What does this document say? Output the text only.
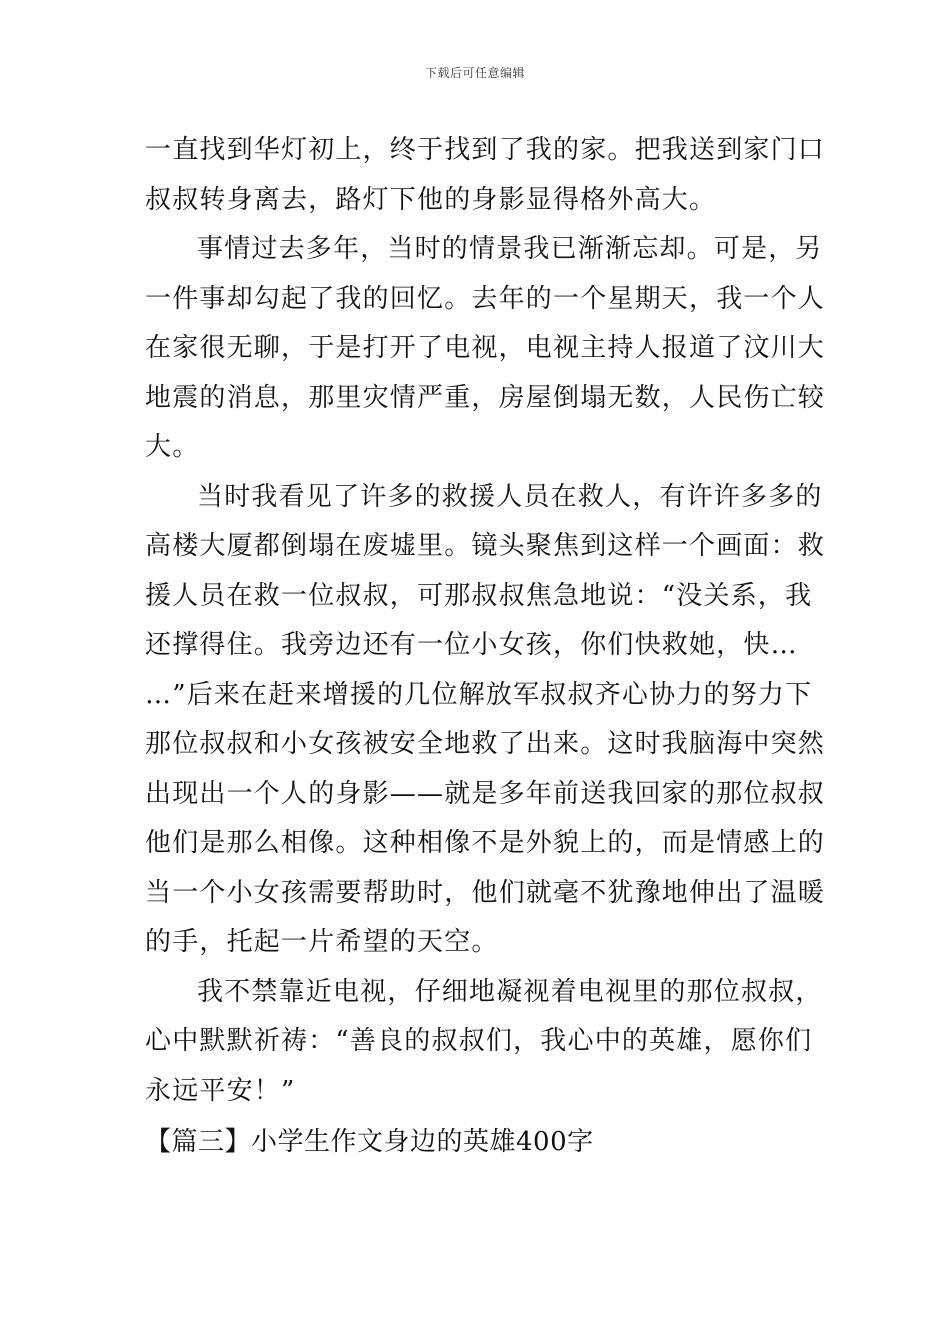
下载后可任意编辑
一直找到华灯初上，终于找到了我的家。把我送到家门口
叔叔转身离去，路灯下他的身影显得格外高大。
事情过去多年，当时的情景我已渐渐忘却。可是，另
一件事却勾起了我的回忆。去年的一个星期天，我一个人
在家很无聊，于是打开了电视，电视主持人报道了汶川大
地震的消息，那里灾情严重，房屋倒塌无数，人民伤亡较
大。
当时我看见了许多的救援人员在救人，有许许多多的
高楼大厦都倒塌在废墟里。镜头聚焦到这样一个画面：救
援人员在救一位叔叔，可那叔叔焦急地说：“没关系，我
还撑得住。我旁边还有一位小女孩，你们快救她，快…
…”后来在赶来增援的几位解放军叔叔齐心协力的努力下
那位叔叔和小女孩被安全地救了出来。这时我脑海中突然
出现出一个人的身影——就是多年前送我回家的那位叔叔
他们是那么相像。这种相像不是外貌上的，而是情感上的
当一个小女孩需要帮助时，他们就毫不犹豫地伸出了温暖
的手，托起一片希望的天空。
我不禁靠近电视，仔细地凝视着电视里的那位叔叔，
心中默默祈祷：“善良的叔叔们，我心中的英雄，愿你们
永远平安！”
【篇三】小学生作文身边的英雄400字
